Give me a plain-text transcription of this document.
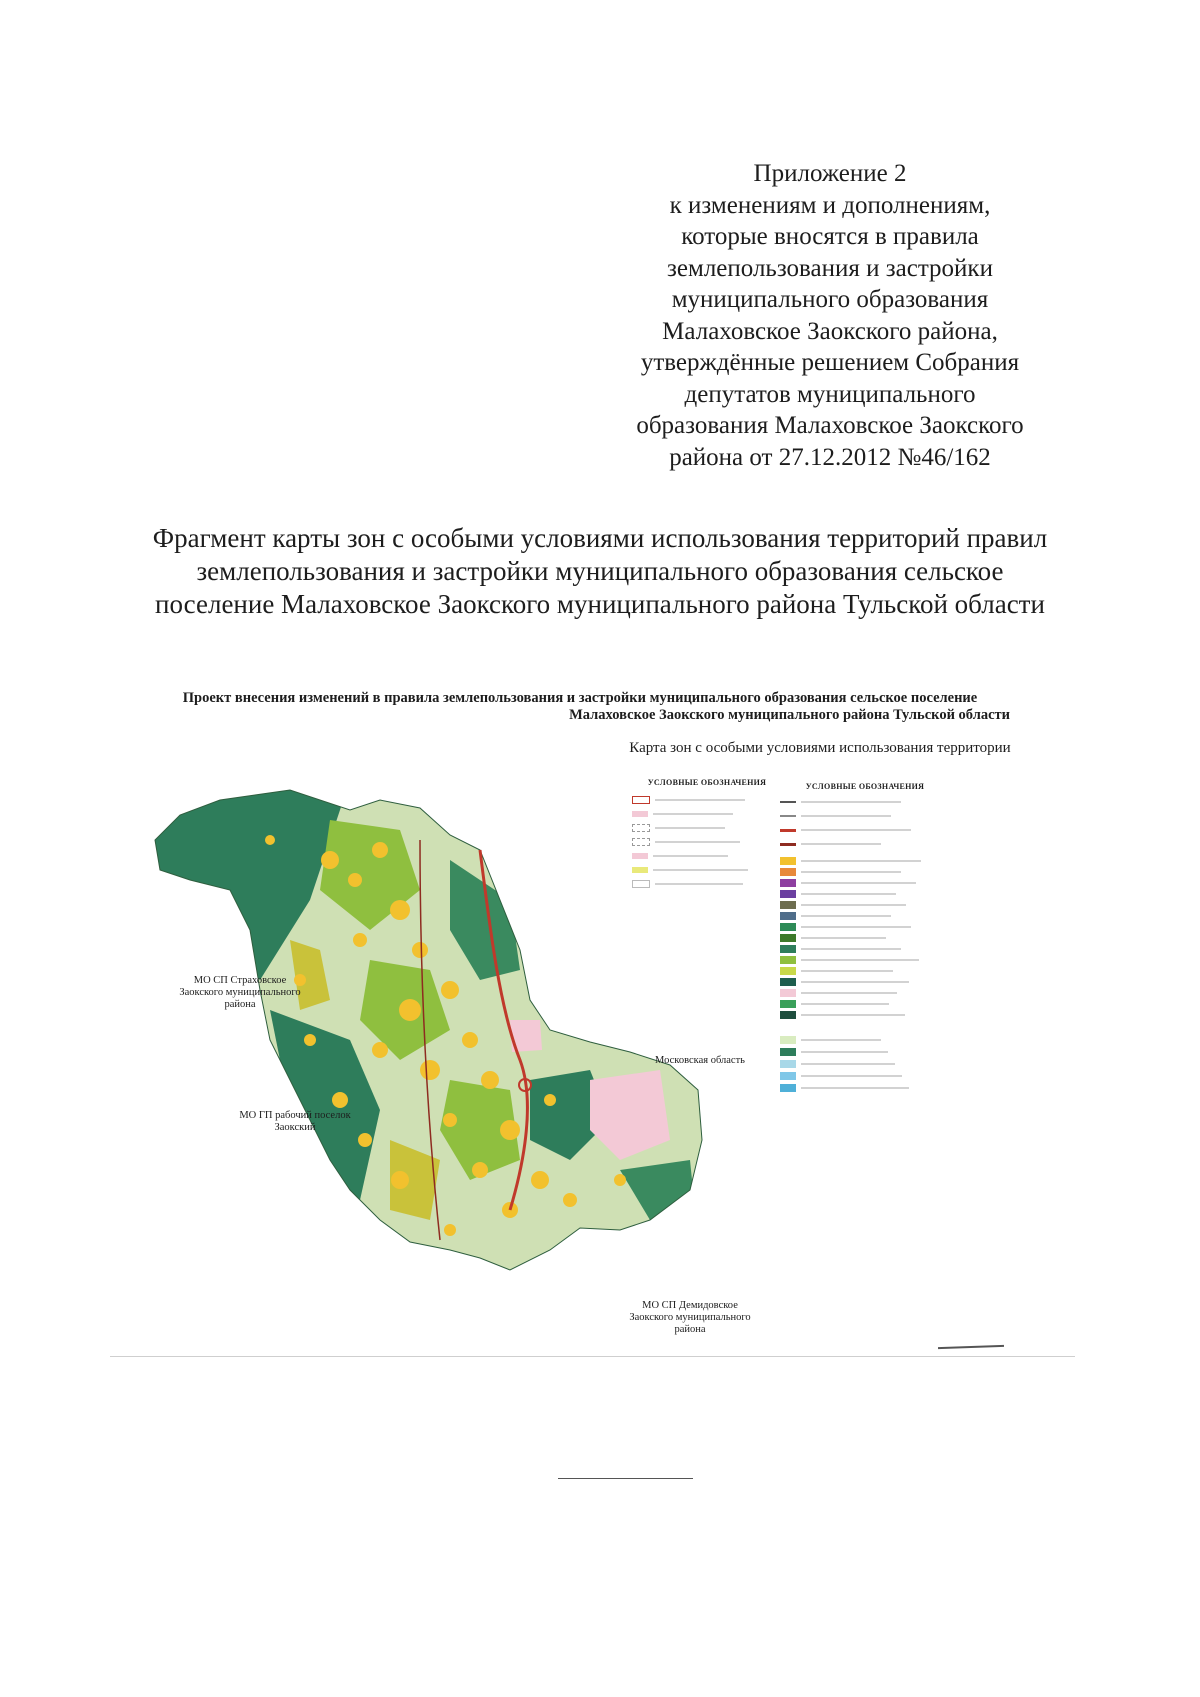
Приложение 2
к изменениям и дополнениям,
которые вносятся в правила
землепользования и застройки
муниципального образования
Малаховское Заокского района,
утверждённые решением Собрания
депутатов муниципального
образования Малаховское Заокского
района от 27.12.2012 №46/162
Фрагмент карты зон с особыми условиями использования территорий правил
землепользования и застройки муниципального образования сельское
поселение Малаховское Заокского муниципального района Тульской области
Проект внесения изменений в правила землепользования и застройки муниципального образования сельское поселение
Малаховское Заокского муниципального района Тульской области
Карта зон с особыми условиями использования территории
МО СП Страховское
Заокского муниципального
района
МО ГП рабочий поселок
Заокский
Московская область
МО СП Демидовское
Заокского муниципального
района
УСЛОВНЫЕ ОБОЗНАЧЕНИЯ	УСЛОВНЫЕ ОБОЗНАЧЕНИЯ
